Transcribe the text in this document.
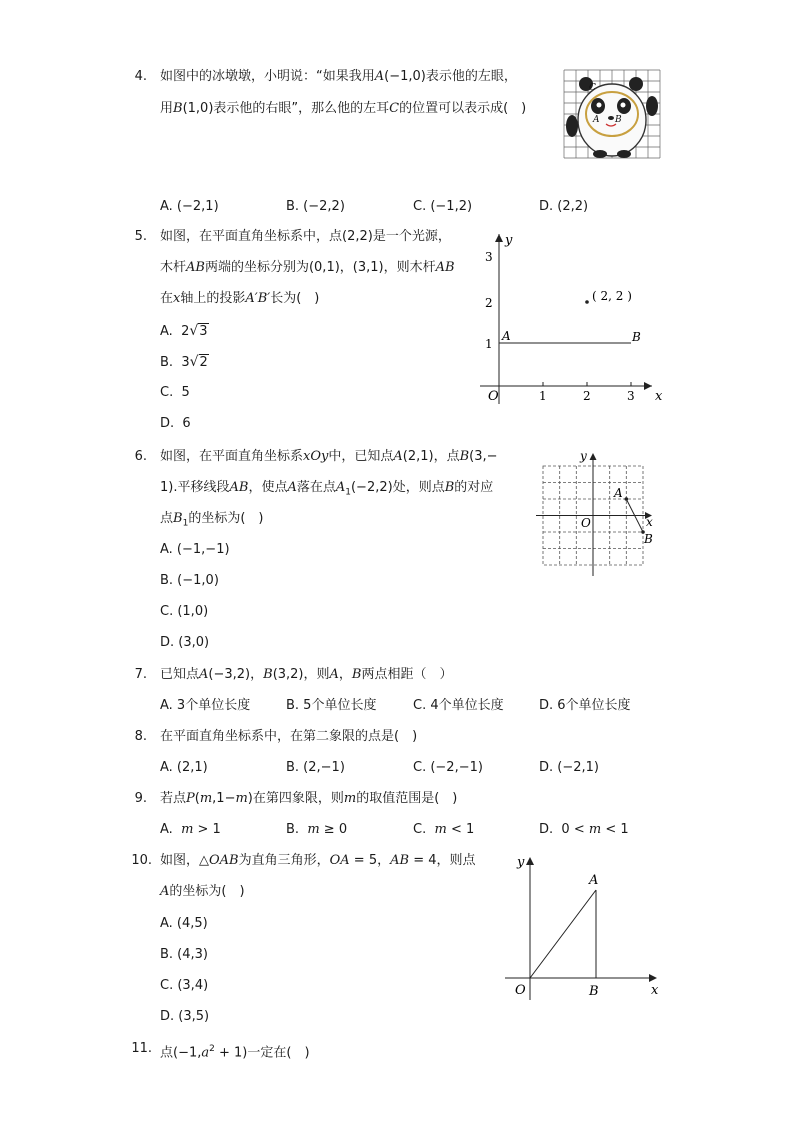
4. 如图中的冰墩墩，小明说：“如果我用A(−1,0)表示他的左眼，
用B(1,0)表示他的右眼”，那么他的左耳C的位置可以表示成(　)
C
A B
A. (−2,1)	B. (−2,2)	C. (−1,2)	D. (2,2)
5. 如图，在平面直角坐标系中，点(2,2)是一个光源，
木杆AB两端的坐标分别为(0,1)，(3,1)，则木杆AB
在x轴上的投影A′B′长为(　)
A. 2√3
B. 3√2
C. 5
D. 6
x
y
O	1	2	3
1
2
3
( 2, 2 )
A	B
6. 如图，在平面直角坐标系xOy中，已知点A(2,1)，点B(3,−
1).平移线段AB，使点A落在点$A_1(-2,2)$处，则点B的对应
点$B_1$的坐标为(　)
A. (−1,−1)
B. (−1,0)
C. (1,0)
D. (3,0)
x
y
O
A
B
7. 已知点A(−3,2)，B(3,2)，则A，B两点相距（　）
A. 3个单位长度	B. 5个单位长度	C. 4个单位长度	D. 6个单位长度
8. 在平面直角坐标系中，在第二象限的点是(　)
A. (2,1)	B. (2,−1)	C. (−2,−1)	D. (−2,1)
9. 若点P(m,1−m)在第四象限，则m的取值范围是(　)
A. m > 1	B. m ≥ 0	C. m < 1	D. 0 < m < 1
10. 如图，△OAB为直角三角形，OA = 5，AB = 4，则点
A的坐标为(　)
A. (4,5)
B. (4,3)
C. (3,4)
D. (3,5)
x
y
O
A
B
11. 点$(-1,a^2 + 1)$一定在(　)
